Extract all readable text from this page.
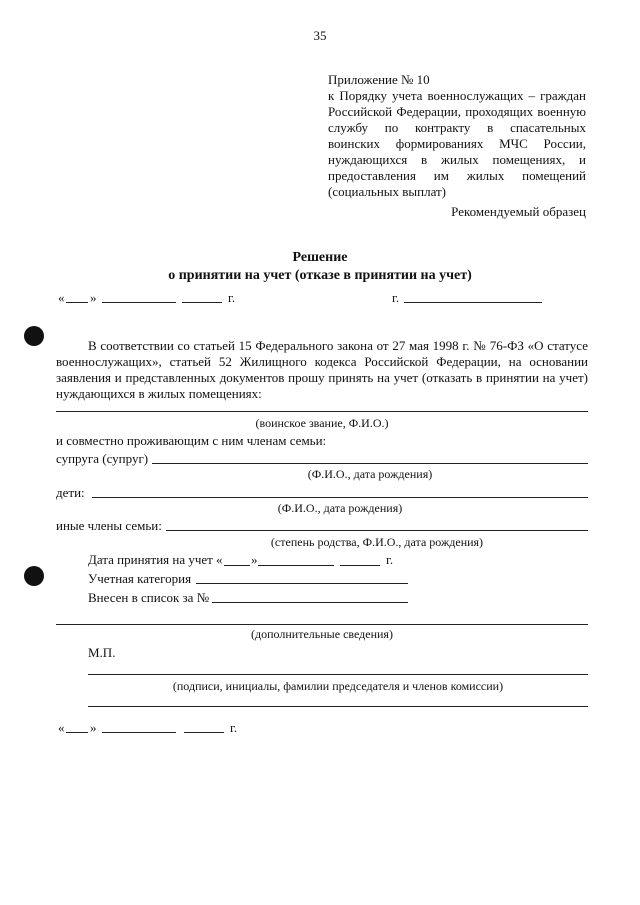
35
Приложение № 10
к Порядку учета военнослужащих – граждан
Российской Федерации, проходящих военную
службу по контракту в спасательных
воинских формированиях МЧС России,
нуждающихся в жилых помещениях, и
предоставления им жилых помещений
(социальных выплат)
Рекомендуемый образец
Решение
о принятии на учет (отказе в принятии на учет)
« »	г.	г.
В соответствии со статьей 15 Федерального закона от 27 мая 1998 г. № 76-ФЗ «О статусе
военнослужащих», статьей 52 Жилищного кодекса Российской Федерации, на основании
заявления и представленных документов прошу принять на учет (отказать в принятии на учет)
нуждающихся в жилых помещениях:
(воинское звание, Ф.И.О.)
и совместно проживающим с ним членам семьи:
супруга (супруг)
(Ф.И.О., дата рождения)
дети:
(Ф.И.О., дата рождения)
иные члены семьи:
(степень родства, Ф.И.О., дата рождения)
Дата принятия на учет « »	г.
Учетная категория
Внесен в список за №
(дополнительные сведения)
М.П.
(подписи, инициалы, фамилии председателя и членов комиссии)
« »	г.
